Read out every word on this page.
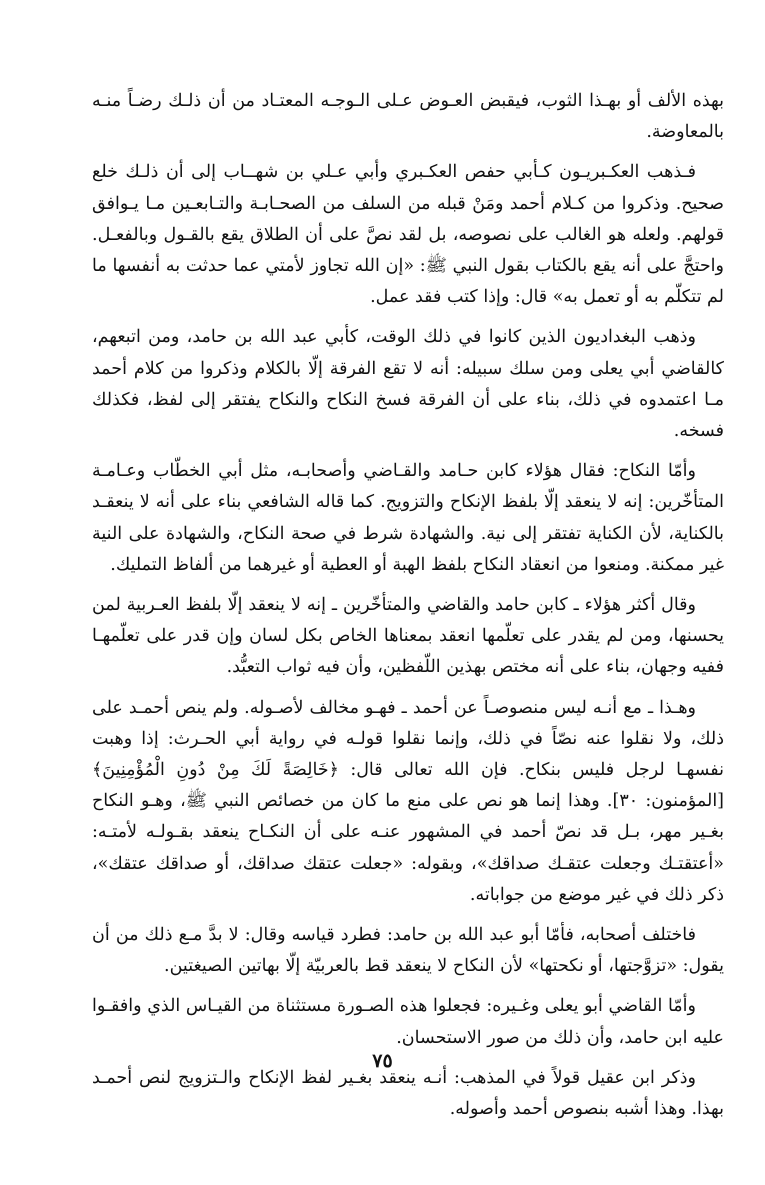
بهذه الألف أو بهـذا الثوب، فيقبض العـوض عـلى الـوجـه المعتـاد من أن ذلـك رضـاً منـه بالمعاوضة.

فـذهب العكـبريـون كـأبي حفص العكـبري وأبي عـلي بن شهــاب إلى أن ذلـك خلع صحيح. وذكروا من كـلام أحمد ومَنْ قبله من السلف من الصحـابـة والتـابعـين مـا يـوافق قولهم. ولعله هو الغالب على نصوصه، بل لقد نصَّ على أن الطلاق يقع بالقـول وبالفعـل. واحتجَّ على أنه يقع بالكتاب بقول النبي ﷺ: «إن الله تجاوز لأمتي عما حدثت به أنفسها ما لم تتكلّم به أو تعمل به» قال: وإذا كتب فقد عمل.

وذهب البغداديون الذين كانوا في ذلك الوقت، كأبي عبد الله بن حامد، ومن اتبعهم، كالقاضي أبي يعلى ومن سلك سبيله: أنه لا تقع الفرقة إلّا بالكلام وذكروا من كلام أحمد مـا اعتمدوه في ذلك، بناء على أن الفرقة فسخ النكاح والنكاح يفتقر إلى لفظ، فكذلك فسخه.

وأمّا النكاح: فقال هؤلاء كابن حـامد والقـاضي وأصحابـه، مثل أبي الخطّاب وعـامـة المتأخّرين: إنه لا ينعقد إلّا بلفظ الإنكاح والتزويج. كما قاله الشافعي بناء على أنه لا ينعقـد بالكناية، لأن الكناية تفتقر إلى نية. والشهادة شرط في صحة النكاح، والشهادة على النية غير ممكنة. ومنعوا من انعقاد النكاح بلفظ الهبة أو العطية أو غيرهما من ألفاظ التمليك.

وقال أكثر هؤلاء ـ كابن حامد والقاضي والمتأخّرين ـ إنه لا ينعقد إلّا بلفظ العـربية لمن يحسنها، ومن لم يقدر على تعلّمها انعقد بمعناها الخاص بكل لسان وإن قدر على تعلّمهـا ففيه وجهان، بناء على أنه مختص بهذين اللّفظين، وأن فيه ثواب التعبُّد.

وهـذا ـ مع أنـه ليس منصوصـاً عن أحمد ـ فهـو مخالف لأصـوله. ولم ينص أحمـد على ذلك، ولا نقلوا عنه نصّاً في ذلك، وإنما نقلوا قولـه في رواية أبي الحـرث: إذا وهبت نفسهـا لرجل فليس بنكاح. فإن الله تعالى قال: ﴿خَالِصَةً لَكَ مِنْ دُونِ الْمُؤْمِنِينَ﴾ [المؤمنون: ٣٠]. وهذا إنما هو نص على منع ما كان من خصائص النبي ﷺ، وهـو النكاح بغـير مهر، بـل قد نصّ أحمد في المشهور عنـه على أن النكـاح ينعقد بقـولـه لأمتـه: «أعتقتـك وجعلت عتقـك صداقك»، وبقوله: «جعلت عتقك صداقك، أو صداقك عتقك»، ذكر ذلك في غير موضع من جواباته.

فاختلف أصحابه، فأمّا أبو عبد الله بن حامد: فطرد قياسه وقال: لا بدَّ مـع ذلك من أن يقول: «تزوَّجتها، أو نكحتها» لأن النكاح لا ينعقد قط بالعربيّة إلّا بهاتين الصيغتين.

وأمّا القاضي أبو يعلى وغـيره: فجعلوا هذه الصـورة مستثناة من القيـاس الذي وافقـوا عليه ابن حامد، وأن ذلك من صور الاستحسان.

وذكر ابن عقيل قولاً في المذهب: أنـه ينعقد بغـير لفظ الإنكاح والـتزويج لنص أحمـد بهذا. وهذا أشبه بنصوص أحمد وأصوله.

٧٥
